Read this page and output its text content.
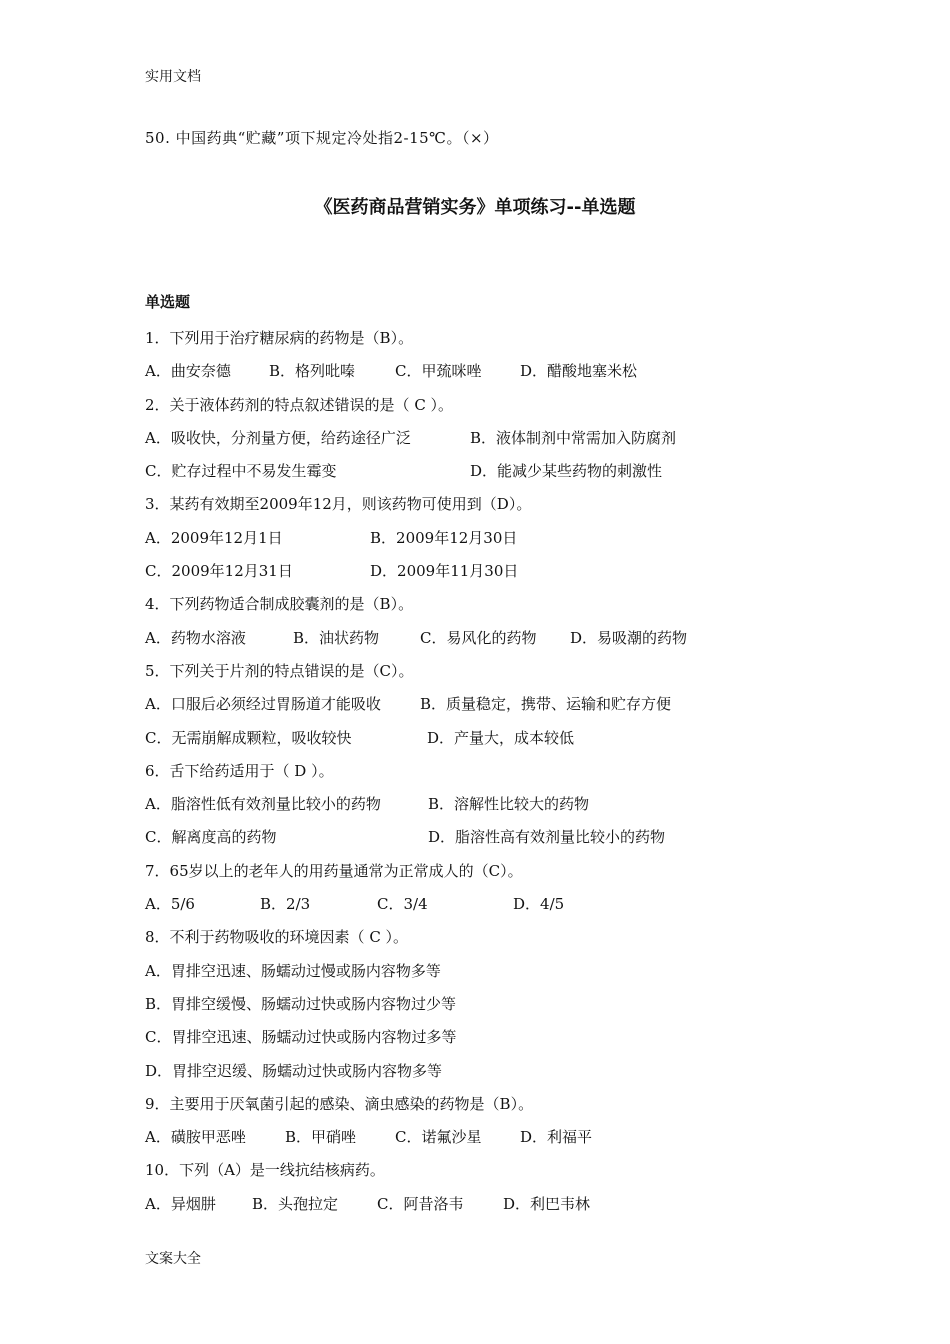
实用文档
50. 中国药典“贮藏”项下规定冷处指2-15℃。（×）
《医药商品营销实务》单项练习--单选题
单选题
1．下列用于治疗糖尿病的药物是（B）。
A．曲安奈德	B．格列吡嗪	C．甲巯咪唑	D．醋酸地塞米松
2．关于液体药剂的特点叙述错误的是（ C ）。
A．吸收快，分剂量方便，给药途径广泛	B．液体制剂中常需加入防腐剂
C．贮存过程中不易发生霉变	D．能减少某些药物的刺激性
3．某药有效期至2009年12月，则该药物可使用到（D）。
A．2009年12月1日	B．2009年12月30日
C．2009年12月31日	D．2009年11月30日
4．下列药物适合制成胶囊剂的是（B）。
A．药物水溶液	B．油状药物	C．易风化的药物 D．易吸潮的药物
5．下列关于片剂的特点错误的是（C）。
A．口服后必须经过胃肠道才能吸收	B．质量稳定，携带、运输和贮存方便
C．无需崩解成颗粒，吸收较快	D．产量大，成本较低
6．舌下给药适用于（ D ）。
A．脂溶性低有效剂量比较小的药物	B．溶解性比较大的药物
C．解离度高的药物	D．脂溶性高有效剂量比较小的药物
7．65岁以上的老年人的用药量通常为正常成人的（C）。
A．5/6	B．2/3	C．3/4	D．4/5
8．不利于药物吸收的环境因素（ C ）。
A．胃排空迅速、肠蠕动过慢或肠内容物多等
B．胃排空缓慢、肠蠕动过快或肠内容物过少等
C．胃排空迅速、肠蠕动过快或肠内容物过多等
D．胃排空迟缓、肠蠕动过快或肠内容物多等
9．主要用于厌氧菌引起的感染、滴虫感染的药物是（B）。
A．磺胺甲恶唑	B．甲硝唑	C．诺氟沙星	D．利福平
10．下列（A）是一线抗结核病药。
A．异烟肼 B．头孢拉定	C．阿昔洛韦	D．利巴韦林
文案大全
